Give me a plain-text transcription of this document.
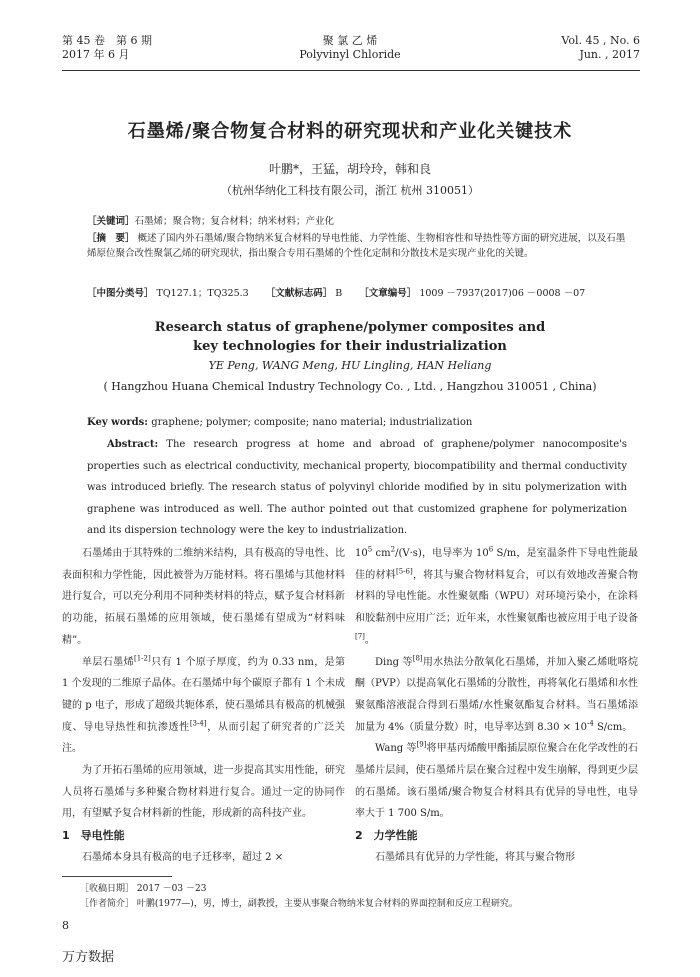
第 45 卷　第 6 期
2017 年 6 月
聚 氯 乙 烯
Polyvinyl Chloride
Vol. 45 , No. 6
Jun. , 2017
石墨烯/聚合物复合材料的研究现状和产业化关键技术
叶鹏*，王猛，胡玲玲，韩和良
（杭州华纳化工科技有限公司，浙江 杭州 310051）
［关键词］石墨烯；聚合物；复合材料；纳米材料；产业化
［摘　要］ 概述了国内外石墨烯/聚合物纳米复合材料的导电性能、力学性能、生物相容性和导热性等方面的研究进展，以及石墨烯原位聚合改性聚氯乙烯的研究现状，指出聚合专用石墨烯的个性化定制和分散技术是实现产业化的关键。
［中图分类号］ TQ127.1；TQ325.3 ［文献标志码］ B ［文章编号］ 1009 －7937(2017)06 －0008 －07
Research status of graphene/polymer composites and
key technologies for their industrialization
YE Peng, WANG Meng, HU Lingling, HAN Heliang
( Hangzhou Huana Chemical Industry Technology Co. , Ltd. , Hangzhou 310051 , China)
Key words: graphene; polymer; composite; nano material; industrialization
Abstract: The research progress at home and abroad of graphene/polymer nanocomposite's properties such as electrical conductivity, mechanical property, biocompatibility and thermal conductivity was introduced briefly. The research status of polyvinyl chloride modified by in situ polymerization with graphene was introduced as well. The author pointed out that customized graphene for polymerization and its dispersion technology were the key to industrialization.

石墨烯由于其特殊的二维纳米结构，具有极高的导电性、比表面积和力学性能，因此被誉为万能材料。将石墨烯与其他材料进行复合，可以充分利用不同种类材料的特点，赋予复合材料新的功能，拓展石墨烯的应用领域，使石墨烯有望成为“材料味精”。

单层石墨烯[1-2]只有 1 个原子厚度，约为 0.33 nm，是第 1 个发现的二维原子晶体。在石墨烯中每个碳原子都有 1 个未成键的 p 电子，形成了超级共轭体系，使石墨烯具有极高的机械强度、导电导热性和抗渗透性[3-4]，从而引起了研究者的广泛关注。

为了开拓石墨烯的应用领域，进一步提高其实用性能，研究人员将石墨烯与多种聚合物材料进行复合。通过一定的协同作用，有望赋予复合材料新的性能，形成新的高科技产业。

1　导电性能

石墨烯本身具有极高的电子迁移率，超过 2 ×

$10^5$ $cm^2/(V\cdot s)$，电导率为 $10^6$ S/m，是室温条件下导电性能最佳的材料[5-6]，将其与聚合物材料复合，可以有效地改善聚合物材料的导电性能。水性聚氨酯（WPU）对环境污染小，在涂料和胶黏剂中应用广泛；近年来，水性聚氨酯也被应用于电子设备[7]。

Ding 等[8]用水热法分散氧化石墨烯，并加入聚乙烯吡咯烷酮（PVP）以提高氧化石墨烯的分散性，再将氧化石墨烯和水性聚氨酯溶液混合得到石墨烯/水性聚氨酯复合材料。当石墨烯添加量为 4%（质量分数）时，电导率达到 $8.30 \times 10^{-4}$ S/cm。

Wang 等[9]将甲基丙烯酸甲酯插层原位聚合在化学改性的石墨烯片层间，使石墨烯片层在聚合过程中发生崩解，得到更少层的石墨烯。该石墨烯/聚合物复合材料具有优异的导电性，电导率大于 1 700 S/m。

2　力学性能

石墨烯具有优异的力学性能，将其与聚合物形

［收稿日期］ 2017 －03 －23
［作者简介］ 叶鹏(1977—)，男，博士，副教授，主要从事聚合物纳米复合材料的界面控制和反应工程研究。
8
万方数据
